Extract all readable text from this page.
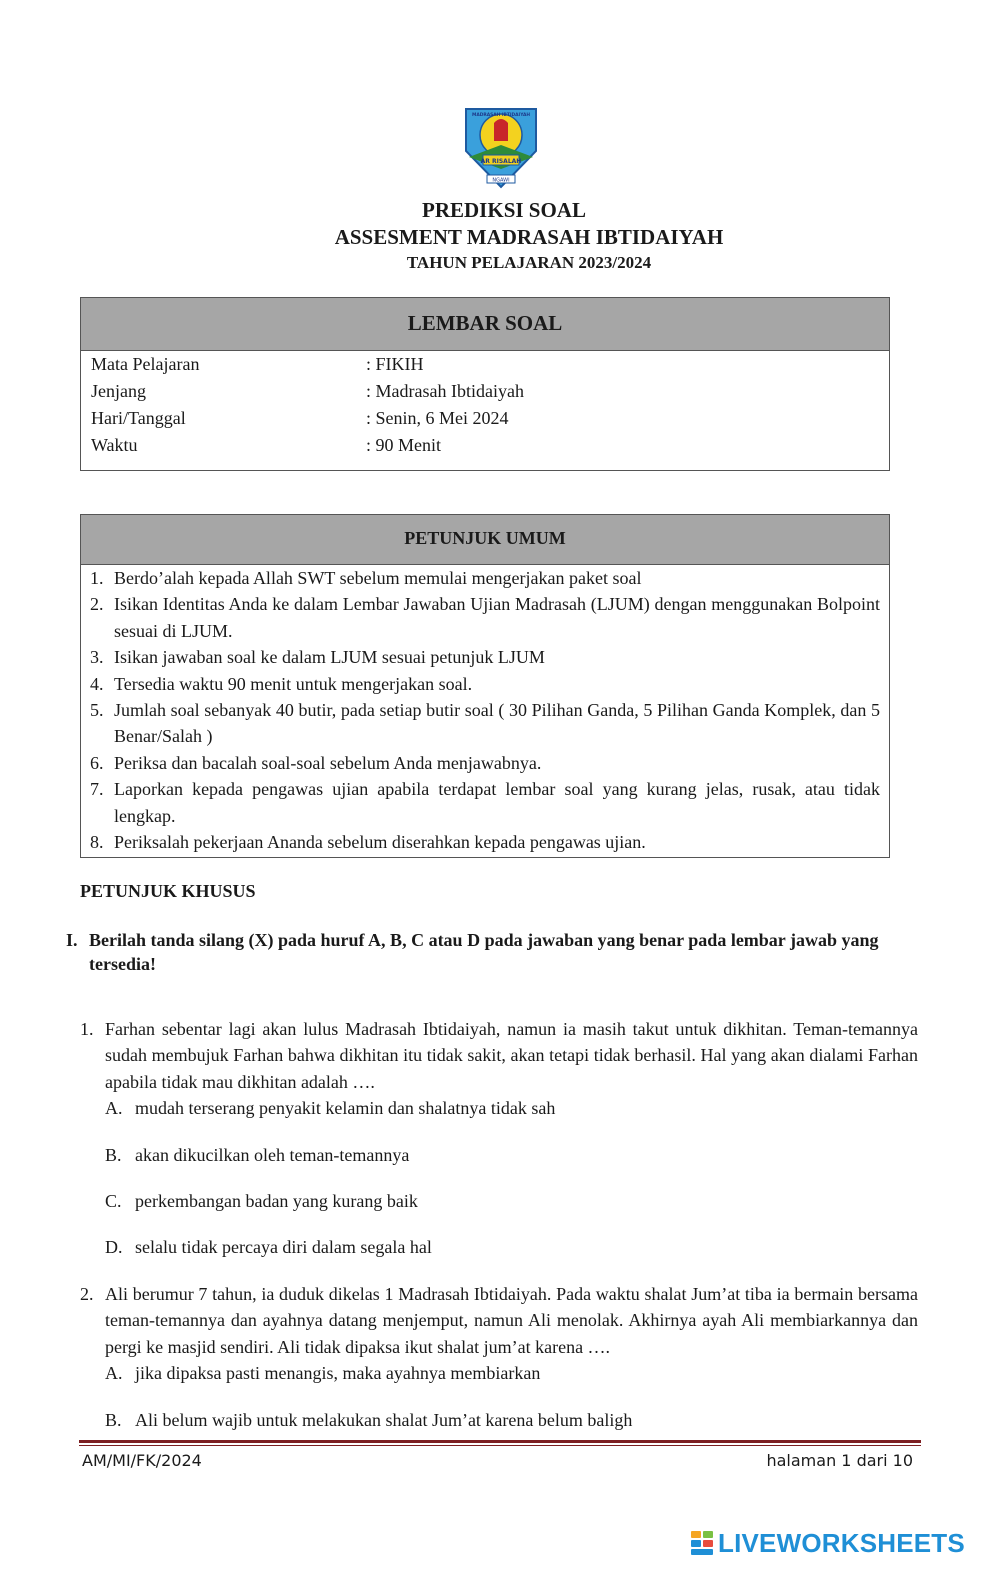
AR RISALAH
MADRASAH IBTIDAIYAH
NGAWI
PREDIKSI SOAL
ASSESMENT MADRASAH IBTIDAIYAH
TAHUN PELAJARAN 2023/2024
LEMBAR SOAL
Mata Pelajaran	: FIKIH
Jenjang	: Madrasah Ibtidaiyah
Hari/Tanggal	: Senin, 6 Mei 2024
Waktu	: 90 Menit
PETUNJUK UMUM
1. Berdo’alah kepada Allah SWT sebelum memulai mengerjakan paket soal
2. Isikan Identitas Anda ke dalam Lembar Jawaban Ujian Madrasah (LJUM) dengan menggunakan Bolpoint sesuai di LJUM.
3. Isikan jawaban soal ke dalam LJUM sesuai petunjuk LJUM
4. Tersedia waktu 90 menit untuk mengerjakan soal.
5. Jumlah soal sebanyak 40 butir, pada setiap butir soal ( 30 Pilihan Ganda, 5 Pilihan Ganda Komplek, dan 5 Benar/Salah )
6. Periksa dan bacalah soal-soal sebelum Anda menjawabnya.
7. Laporkan kepada pengawas ujian apabila terdapat lembar soal yang kurang jelas, rusak, atau tidak lengkap.
8. Periksalah pekerjaan Ananda sebelum diserahkan kepada pengawas ujian.
PETUNJUK KHUSUS
I. Berilah tanda silang (X) pada huruf A, B, C atau D pada jawaban yang benar pada lembar jawab yang tersedia!
1. Farhan sebentar lagi akan lulus Madrasah Ibtidaiyah, namun ia masih takut untuk dikhitan. Teman-temannya sudah membujuk Farhan bahwa dikhitan itu tidak sakit, akan tetapi tidak berhasil. Hal yang akan dialami Farhan apabila tidak mau dikhitan adalah ….
A. mudah terserang penyakit kelamin dan shalatnya tidak sah
B. akan dikucilkan oleh teman-temannya
C. perkembangan badan yang kurang baik
D. selalu tidak percaya diri dalam segala hal
2. Ali berumur 7 tahun, ia duduk dikelas 1 Madrasah Ibtidaiyah. Pada waktu shalat Jum’at tiba ia bermain bersama teman-temannya dan ayahnya datang menjemput, namun Ali menolak. Akhirnya ayah Ali membiarkannya dan pergi ke masjid sendiri. Ali tidak dipaksa ikut shalat jum’at karena ….
A. jika dipaksa pasti menangis, maka ayahnya membiarkan
B. Ali belum wajib untuk melakukan shalat Jum’at karena belum baligh
AM/MI/FK/2024	halaman 1 dari 10
LIVEWORKSHEETS
